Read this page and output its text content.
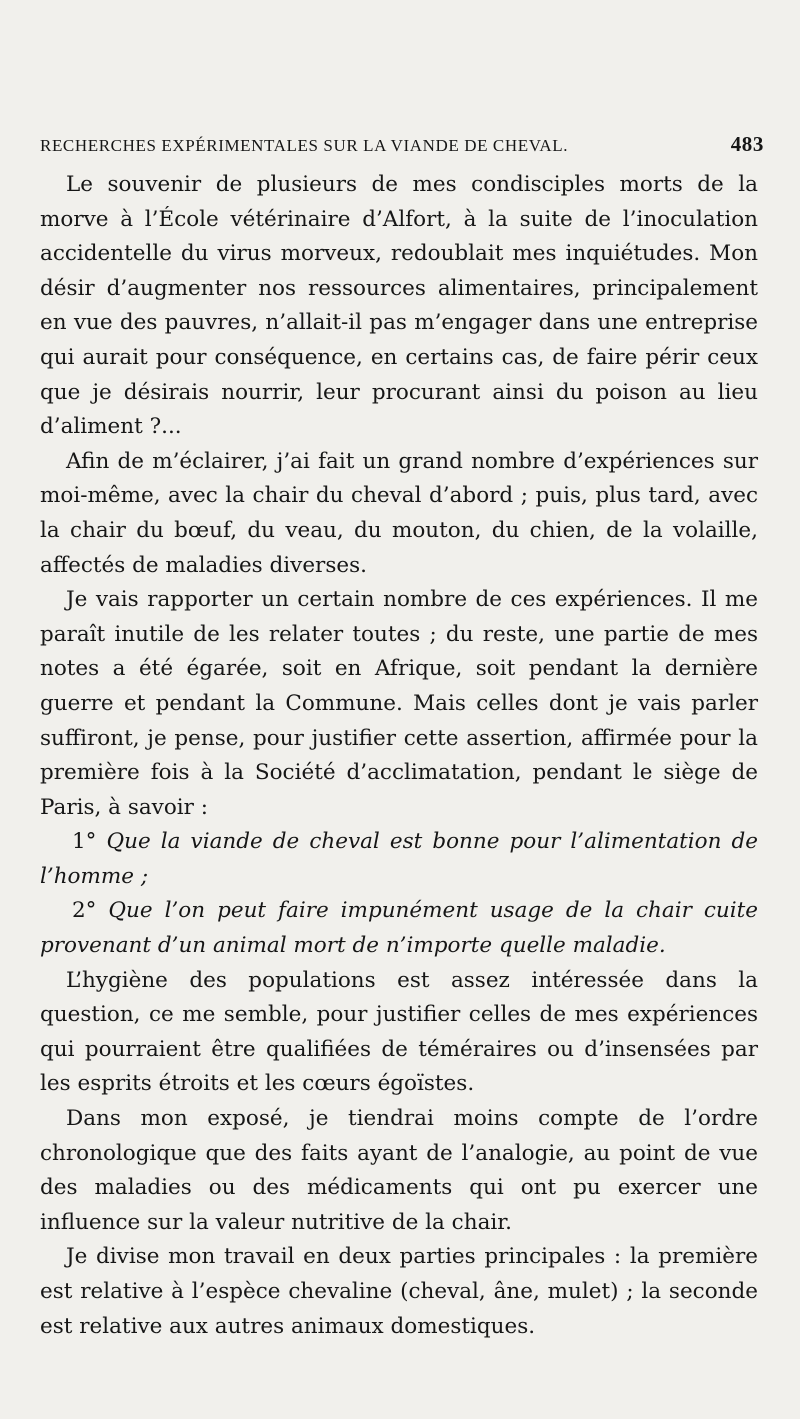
RECHERCHES EXPÉRIMENTALES SUR LA VIANDE DE CHEVAL.	483

Le souvenir de plusieurs de mes condisciples morts de la morve à l’École vétérinaire d’Alfort, à la suite de l’inoculation accidentelle du virus morveux, redoublait mes inquiétudes. Mon désir d’augmenter nos ressources alimentaires, principalement en vue des pauvres, n’allait-il pas m’engager dans une entreprise qui aurait pour conséquence, en certains cas, de faire périr ceux que je désirais nourrir, leur procurant ainsi du poison au lieu d’aliment ?...

Afin de m’éclairer, j’ai fait un grand nombre d’expériences sur moi-même, avec la chair du cheval d’abord ; puis, plus tard, avec la chair du bœuf, du veau, du mouton, du chien, de la volaille, affectés de maladies diverses.

Je vais rapporter un certain nombre de ces expériences. Il me paraît inutile de les relater toutes ; du reste, une partie de mes notes a été égarée, soit en Afrique, soit pendant la dernière guerre et pendant la Commune. Mais celles dont je vais parler suffiront, je pense, pour justifier cette assertion, affirmée pour la première fois à la Société d’acclimatation, pendant le siège de Paris, à savoir :

1° Que la viande de cheval est bonne pour l’alimentation de l’homme ;

2° Que l’on peut faire impunément usage de la chair cuite provenant d’un animal mort de n’importe quelle maladie.

L’hygiène des populations est assez intéressée dans la question, ce me semble, pour justifier celles de mes expériences qui pourraient être qualifiées de téméraires ou d’insensées par les esprits étroits et les cœurs égoïstes.

Dans mon exposé, je tiendrai moins compte de l’ordre chronologique que des faits ayant de l’analogie, au point de vue des maladies ou des médicaments qui ont pu exercer une influence sur la valeur nutritive de la chair.

Je divise mon travail en deux parties principales : la première est relative à l’espèce chevaline (cheval, âne, mulet) ; la seconde est relative aux autres animaux domestiques.
